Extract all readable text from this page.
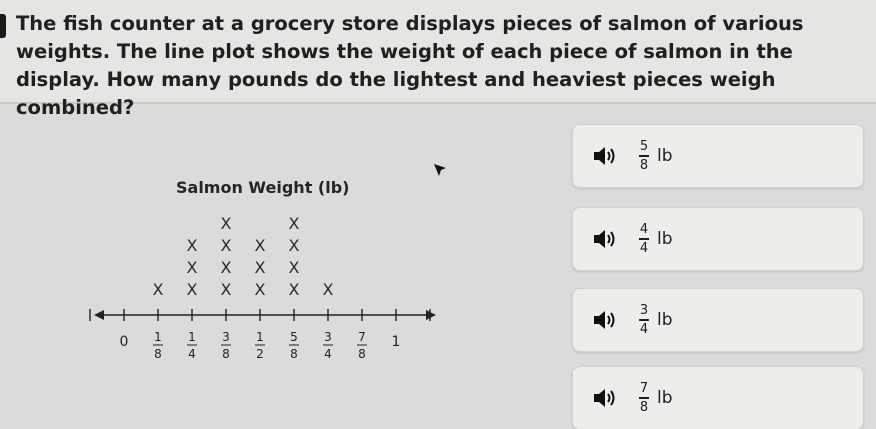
The fish counter at a grocery store displays pieces of salmon of various weights. The line plot shows the weight of each piece of salmon in the display. How many pounds do the lightest and heaviest pieces weigh combined?

Salmon Weight (lb)
0 1
8
X
1
4
X
X
X
3
8
X
X
X
X
1
2
X
X
X
5
8
X
X
X
X
3
4
X
7
8
1
$\frac{5}{8}$ lb
$\frac{4}{4}$ lb
$\frac{3}{4}$ lb
$\frac{7}{8}$ lb
